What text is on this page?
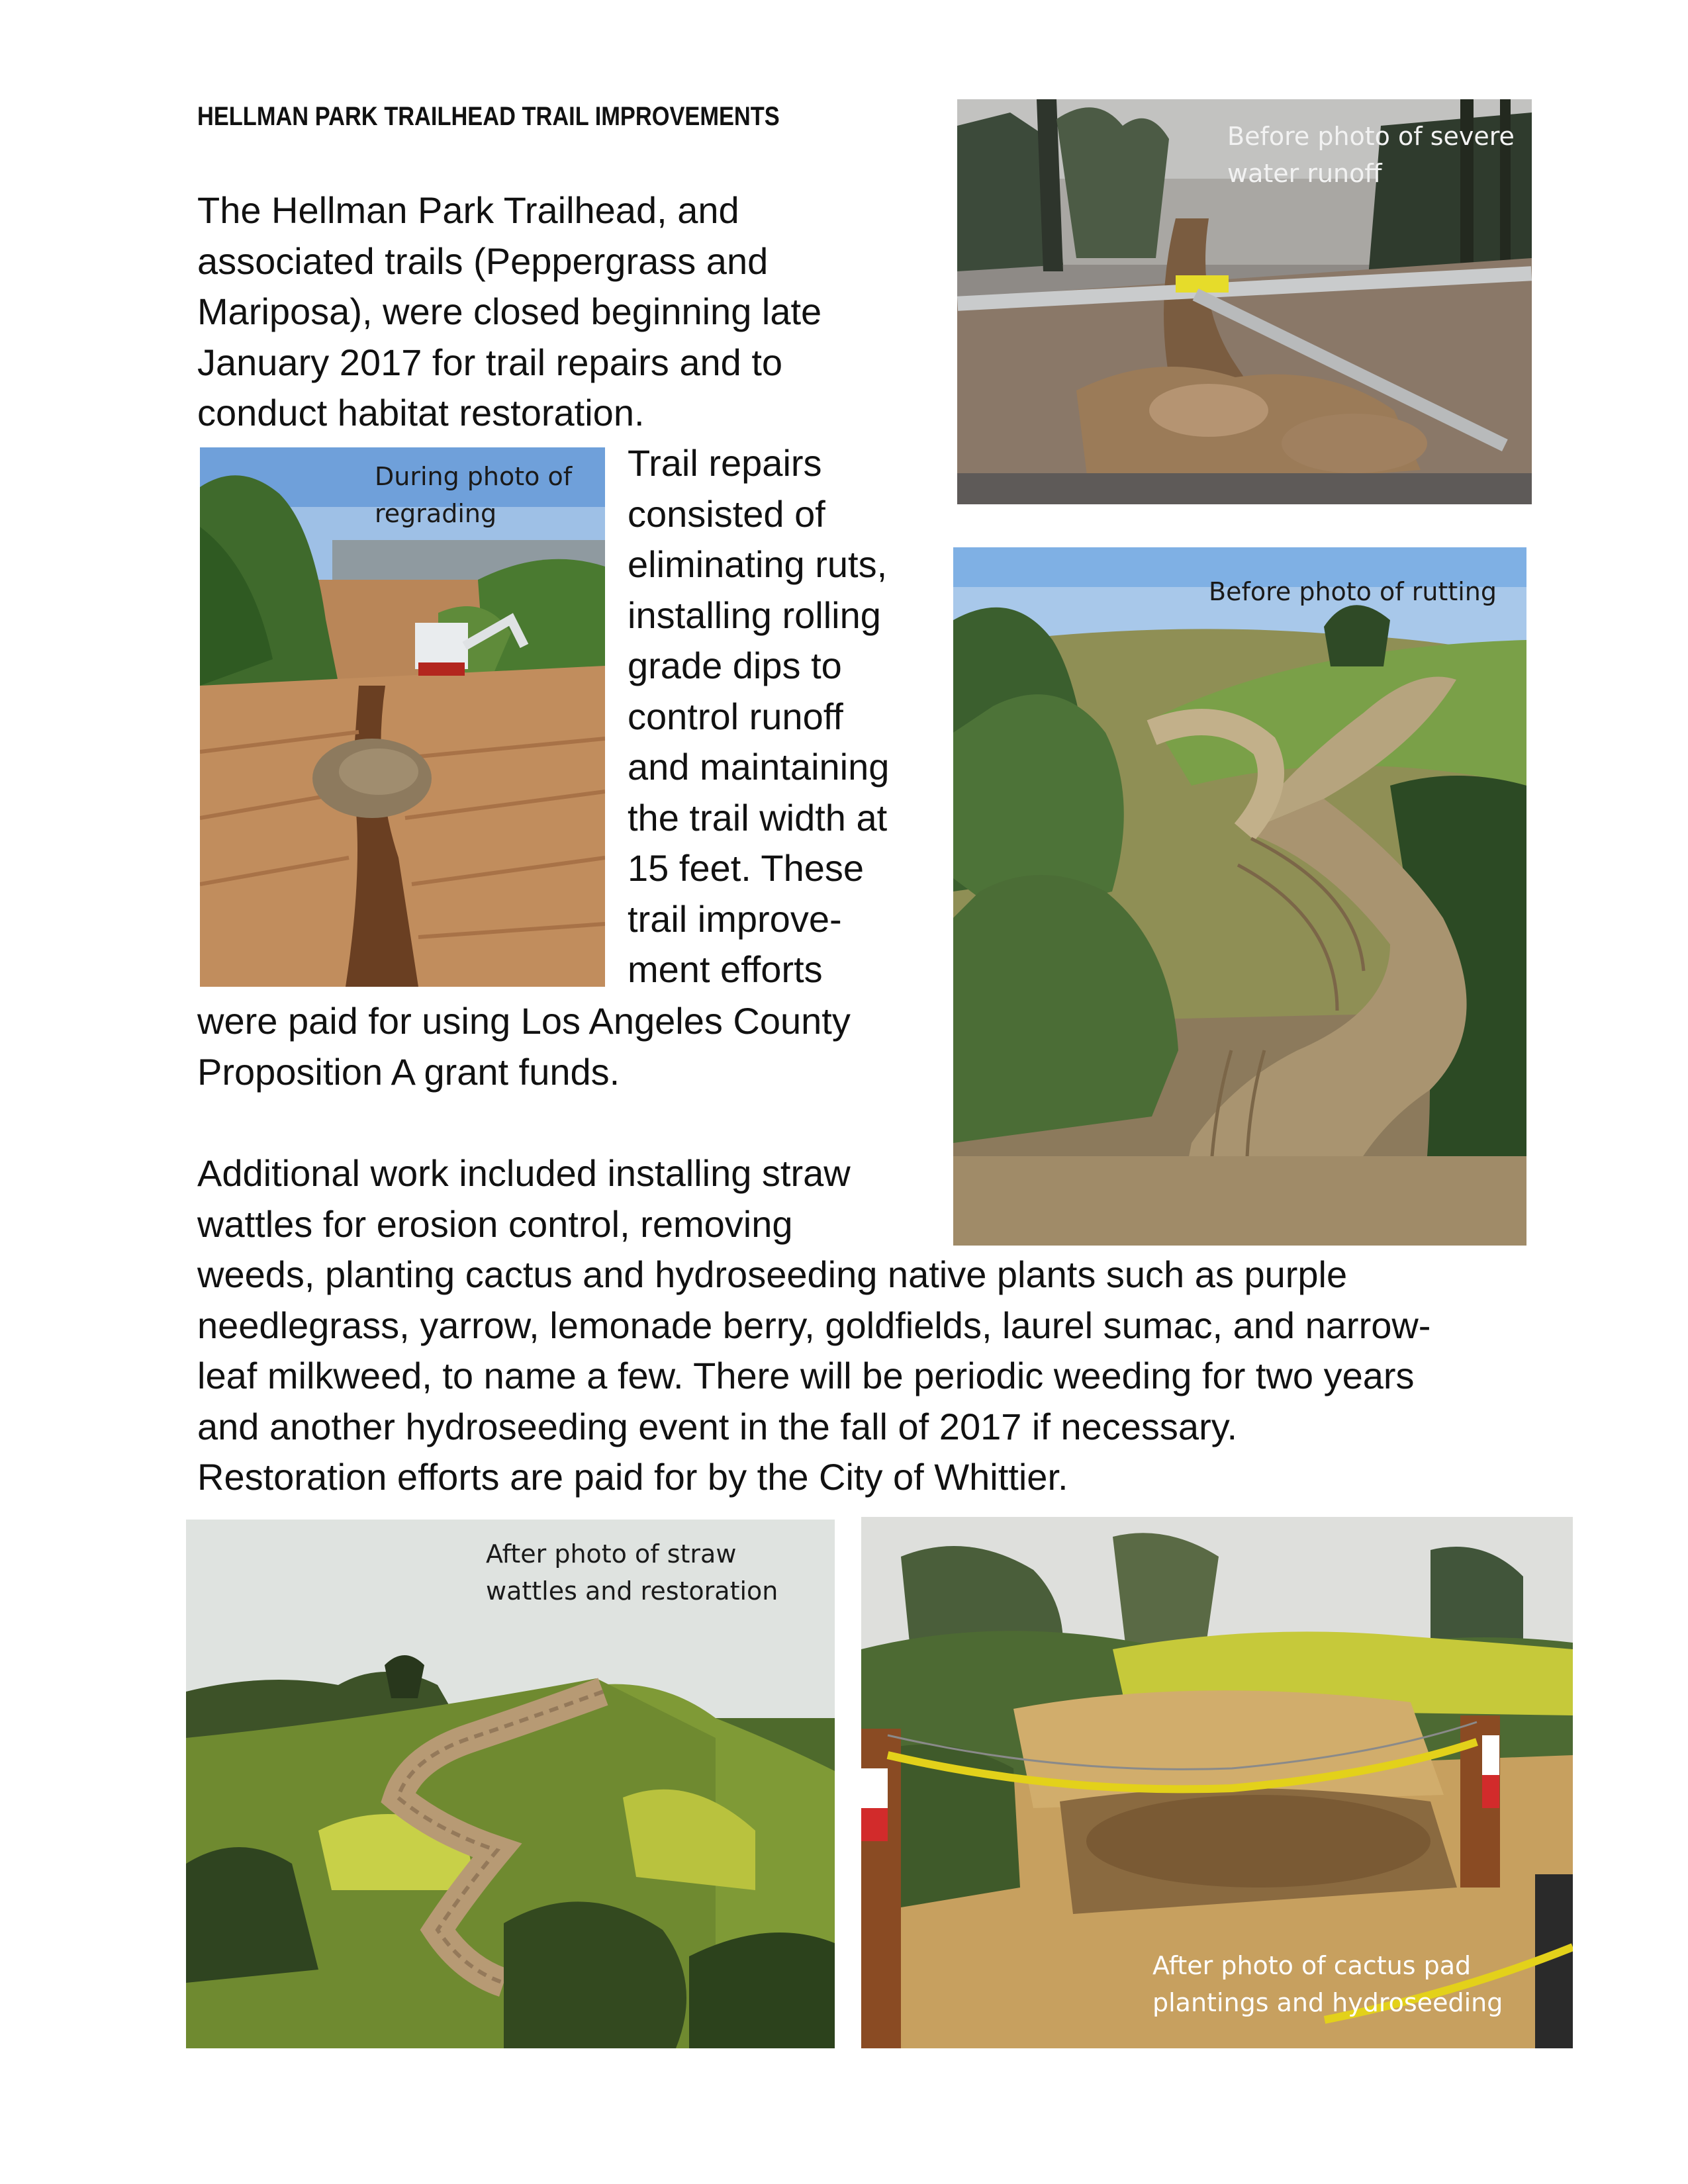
HELLMAN PARK TRAILHEAD TRAIL IMPROVEMENTS
The Hellman Park Trailhead, and
associated trails (Peppergrass and
Mariposa), were closed beginning late
January 2017 for trail repairs and to
conduct habitat restoration.
Trail repairs
consisted of
eliminating ruts,
installing rolling
grade dips to
control runoff
and maintaining
the trail width at
15 feet. These
trail improve-
ment efforts
were paid for using Los Angeles County
Proposition A grant funds.
Additional work included installing straw
wattles for erosion control, removing
weeds, planting cactus and hydroseeding native plants such as purple
needlegrass, yarrow, lemonade berry, goldfields, laurel sumac, and narrow-
leaf milkweed, to name a few. There will be periodic weeding for two years
and another hydroseeding event in the fall of 2017 if necessary.
Restoration efforts are paid for by the City of Whittier.
Before photo of severe
water runoff
During photo of
regrading
Before photo of rutting
After photo of straw
wattles and restoration
After photo of cactus pad
plantings and hydroseeding
